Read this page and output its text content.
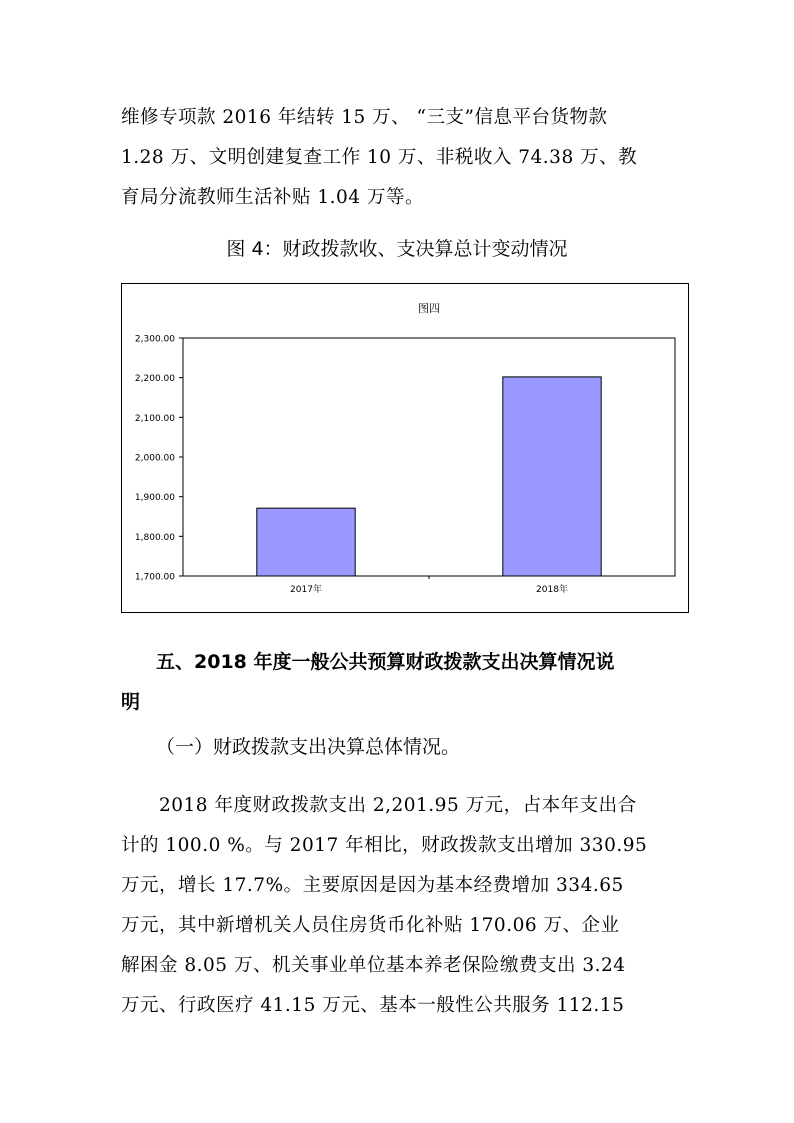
维修专项款 2016 年结转 15 万、 “三支”信息平台货物款
1.28 万、文明创建复查工作 10 万、非税收入 74.38 万、教
育局分流教师生活补贴 1.04 万等。
图 4：财政拨款收、支决算总计变动情况
图四
1,700.00
1,800.00
1,900.00
2,000.00
2,100.00
2,200.00
2,300.00
2017年	2018年
五、2018 年度一般公共预算财政拨款支出决算情况说
明
（一）财政拨款支出决算总体情况。
2018 年度财政拨款支出 2,201.95 万元，占本年支出合
计的 100.0 %。与 2017 年相比，财政拨款支出增加 330.95
万元，增长 17.7%。主要原因是因为基本经费增加 334.65
万元，其中新增机关人员住房货币化补贴 170.06 万、企业
解困金 8.05 万、机关事业单位基本养老保险缴费支出 3.24
万元、行政医疗 41.15 万元、基本一般性公共服务 112.15
